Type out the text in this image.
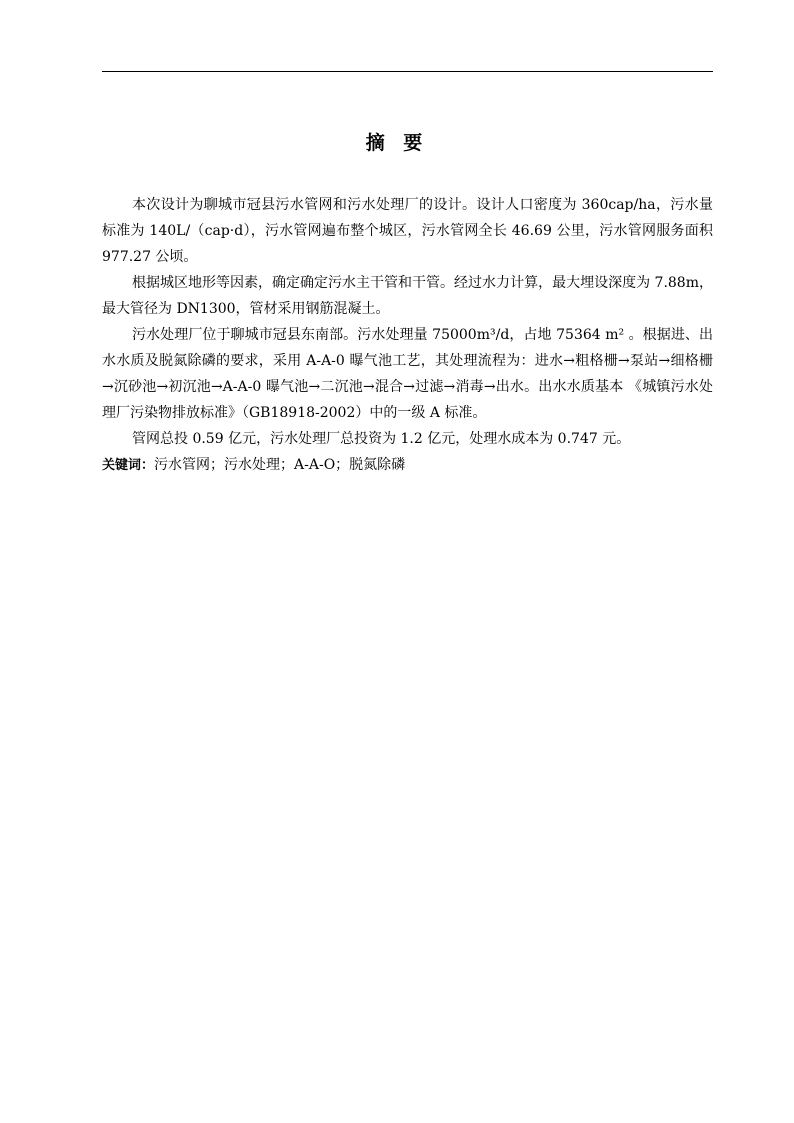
摘 要

本次设计为聊城市冠县污水管网和污水处理厂的设计。设计人口密度为 360cap/ha，污水量标准为 140L/（cap·d），污水管网遍布整个城区，污水管网全长 46.69 公里，污水管网服务面积 977.27 公顷。

根据城区地形等因素，确定确定污水主干管和干管。经过水力计算，最大埋设深度为 7.88m，最大管径为 DN1300，管材采用钢筋混凝土。

污水处理厂位于聊城市冠县东南部。污水处理量 75000m³/d，占地 75364 m² 。根据进、出水水质及脱氮除磷的要求，采用 A-A-0 曝气池工艺，其处理流程为：进水→粗格栅→泵站→细格栅→沉砂池→初沉池→A-A-0 曝气池→二沉池→混合→过滤→消毒→出水。出水水质基本 《城镇污水处理厂污染物排放标准》（GB18918-2002）中的一级 A 标准。

管网总投 0.59 亿元，污水处理厂总投资为 1.2 亿元，处理水成本为 0.747 元。

关键词：污水管网；污水处理；A-A-O；脱氮除磷
